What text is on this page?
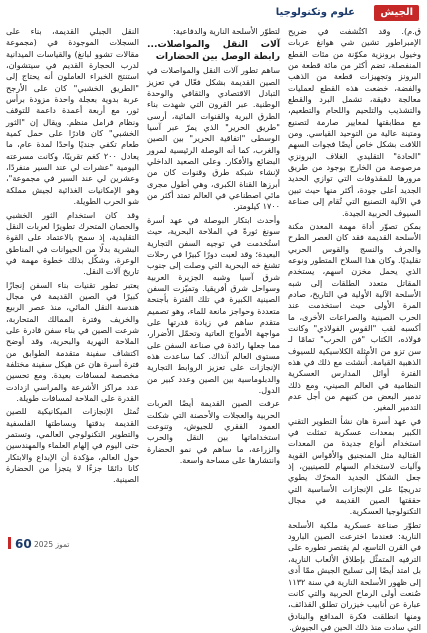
الجيش
علوم وتكنولوجيا

ق.م). وقد اكتُشفت في ضريح الإمبراطور تشين شي هوانغ عربات وخيول برونزية مكوّنة من مئات القطع المنفصلة، تضم أكثر من مائة قطعة من البرونز وتجهيزات قطعة من الذهب والفضة، خضعت هذه القطع لعمليات معالجة دقيقة، تشمل البرد والقطع والتشذيب والتلحيم واللحام والتطعيم، مع مطابقتها لمعايير صارمة لتصنيع ومتينة عالية من التوحيد القياسي. ومن اللافت بشكل خاص أيضًا فجوات السهم "الحادة" التقليدي الغلاف البرونزي مرصوصة من الخارج بوجود من طريق مرورها للمقذوفات التي توازي الحديد الجديد أعلى جودة، أكثر منها حيث تبين في الآلية التصنيع التي تُقام إلى صناعة السيوف الحربية الجيدة.

بمكن تصوّر أداة مهمة المعدن مكنة الأسلحة القديمة فقد كان العصر الطرح والجرف والنسج والقوس الحربي تقليديًا. وكان هذا السلاح المتطور ونوعه الذي يحمل مخزن اسهم، يستخدم المقاتل متعدد الطلقات إلى شبه الأسلحة الآلية الأولية في التاريخ، صادم المرة الأولى حيث استخدمت عند الحرب الصينية والصراعات الأخرى، ما أكسبه لقب "القوس الفولاذي" وكانت فولاذه، الكتاب "فن الحرب" تمامًا لـ سن تزو من الأمثلة الكلاسيكية للسيوف الذهبية القيامة. أُنشئت مع ذلك في هذه الفترة أوائل المدارس العسكرية النظامية في العالم الصيني، ومع ذلك تدمير البعض من كتبهم من أجل عدم التدمير المغير.

في عهد أسرة هان نشأ التطوير التقني الكبير بمعدات عسكرية تمثلت في استخدام أنواع جديدة من المعدات القتالية مثل المنجنيق والأقواس القوية وآليات لاستخدام السهام للصينيين، إذ جعل الشكل الجديد المحرّك يطوي تدريجيًا على الإنجازات الأساسية التي حققتها الصين القديمة في مجال التكنولوجيا العسكرية.

تطوّر صناعة عسكرية ملكية الأسلحة النارية: فعندما اخترعت الصين البارود في القرن التاسع، لم يقتصر تطوره على الترفيه المتمثّل بإطلاق الألعاب النارية، بل امتد أيضًا إلى تسليح الجيش ممّا أدى إلى ظهور الأسلحة النارية في سنة ۱۱۳۲ صُنعت أولى الرماح الحربية والتي كانت عبارة عن أنابيب خيزران تطلق القذائف، ومنها انطلقت فكرة المدافع والبنادق التي سادت منذ ذلك الحين في الجيوش.

لتطوّر الأسلحة النارية والدفاعية:

آلات النقل والمواصلات... رابطة الوصل بين الحضارات

ساهم تطور آلات النقل والمواصلات في الصين القديمة بشكل فعّال في تعزيز التبادل الاقتصادي والثقافي والوحدة الوطنية. عبر القرون التي شهدت بناء الطرق البرية والقنوات المائية، أرسى "طريق الحرير" الذي يمرّ عبر آسيا الوسطى "اتفاقية الحرير" بين الصين والغرب، كما أنه الوصلة الرئيسية لمرور البضائع والأفكار. وعلى الصعيد الداخلي لإنشاء شبكة طرق وقنوات كان من أبرزها القناة الكبرى، وهي أطول مجرى مائي اصطناعي في العالم تمتد أكثر من ۱۷۰۰ كيلومتر.

وأحدث ابتكار البوصلة في عهد أسرة سونغ ثورةً في الملاحة البحرية، حيث استُخدمت في توجيه السفن التجارية البعيدة؛ وقد لعبت دورًا كبيرًا في رحلات تشنغ خه البحرية التي وصلت إلى جنوب شرق آسيا وشبه الجزيرة العربية وسواحل شرق أفريقيا. وتميّزت السفن الصينية الكبيرة في تلك الفترة بأجنحة متعددة وحواجز مانعة للماء، وهو تصميم متقدم ساهم في زيادة قدرتها على مواجهة الأمواج العاتية وتحمّل الأضرار، مما جعلها رائدة في صناعة السفن على مستوى العالم آنذاك. كما ساعدت هذه الإنجازات على تعزيز الروابط التجارية والدبلوماسية بين الصين وعدد كبير من الدول.

عرفت الصين القديمة أيضًا العربات الحربية والعجلات والأحصنة التي شكلت العمود الفقري للجيوش، وتنوعت استخداماتها بين النقل والحرب والزراعة، ما ساهم في نمو الحضارة وانتشارها على مساحة واسعة.

النقل الجبلي القديمة، بناء على السجلات الموجودة في (مجموعة مقالات تشوو لبانغ) والقياسات الميدانية لدرب الحجارة القديم في سيتشوان، استنتج الخبراء العاملون أنه يحتاج إلى "الطريق الخشبي" كان على الأرجح عربة بدوية بعجلة واحدة مزودة برأس ثور، مع أربعة أعمدة داعمة للتوقف ونظام فرامل منظم. ويقال إن "الثور الخشبي" كان قادرًا على حمل كمية طعام تكفي جنديًا واحدًا لمدة عام، ما يعادل ٢٠٠ كغم تقريبًا، وكانت مسرعته اليومية "عشرات لي عند السير منفردًا، وعشرين لي عند السير في مجموعة"، وهو الإمكانيات الغذائية لجيش مملكة شو الحرب الطويلة.

وقد كان استخدام الثور الخشبي والحصان المتحرك تطويرًا لعربات النقل التقليدية، إذ سمح بالاعتماد على القوة البشرية بدلًا من الحيوانات في المناطق الوعرة، وشكّل بذلك خطوة مهمة في تاريخ آلات النقل.

يعتبر تطور تقنيات بناء السفن إنجازًا كبيرًا في الصين القديمة في مجال هندسة النقل المائي، منذ عصر الربيع والخريف وفترة الممالك المتحاربة، شرعت الصين في بناء سفن قادرة على الملاحة النهرية والبحرية، وقد أوضح اكتشاف سفينة متقدمة الطوابق من فترة أسرة هان عن هيكل سفينة مختلفة مخصصة لمسافات بعيدة. ومع تحسين عدد مراكز الأشرعة والمراسي ازدادت القدرة على الملاحة لمسافات طويلة.

تُمثل الإنجازات الميكانيكية للصين القديمة بدقتها وبساطتها الفلسفية والتطوير التكنولوجي العالمي، وتستمر حتى اليوم في إلهام العلماء والمهندسين حول العالم، مؤكدة أن الإبداع والابتكار كانا دائمًا جزءًا لا يتجزأ من الحضارة الصينية.

60 تموز 2025
